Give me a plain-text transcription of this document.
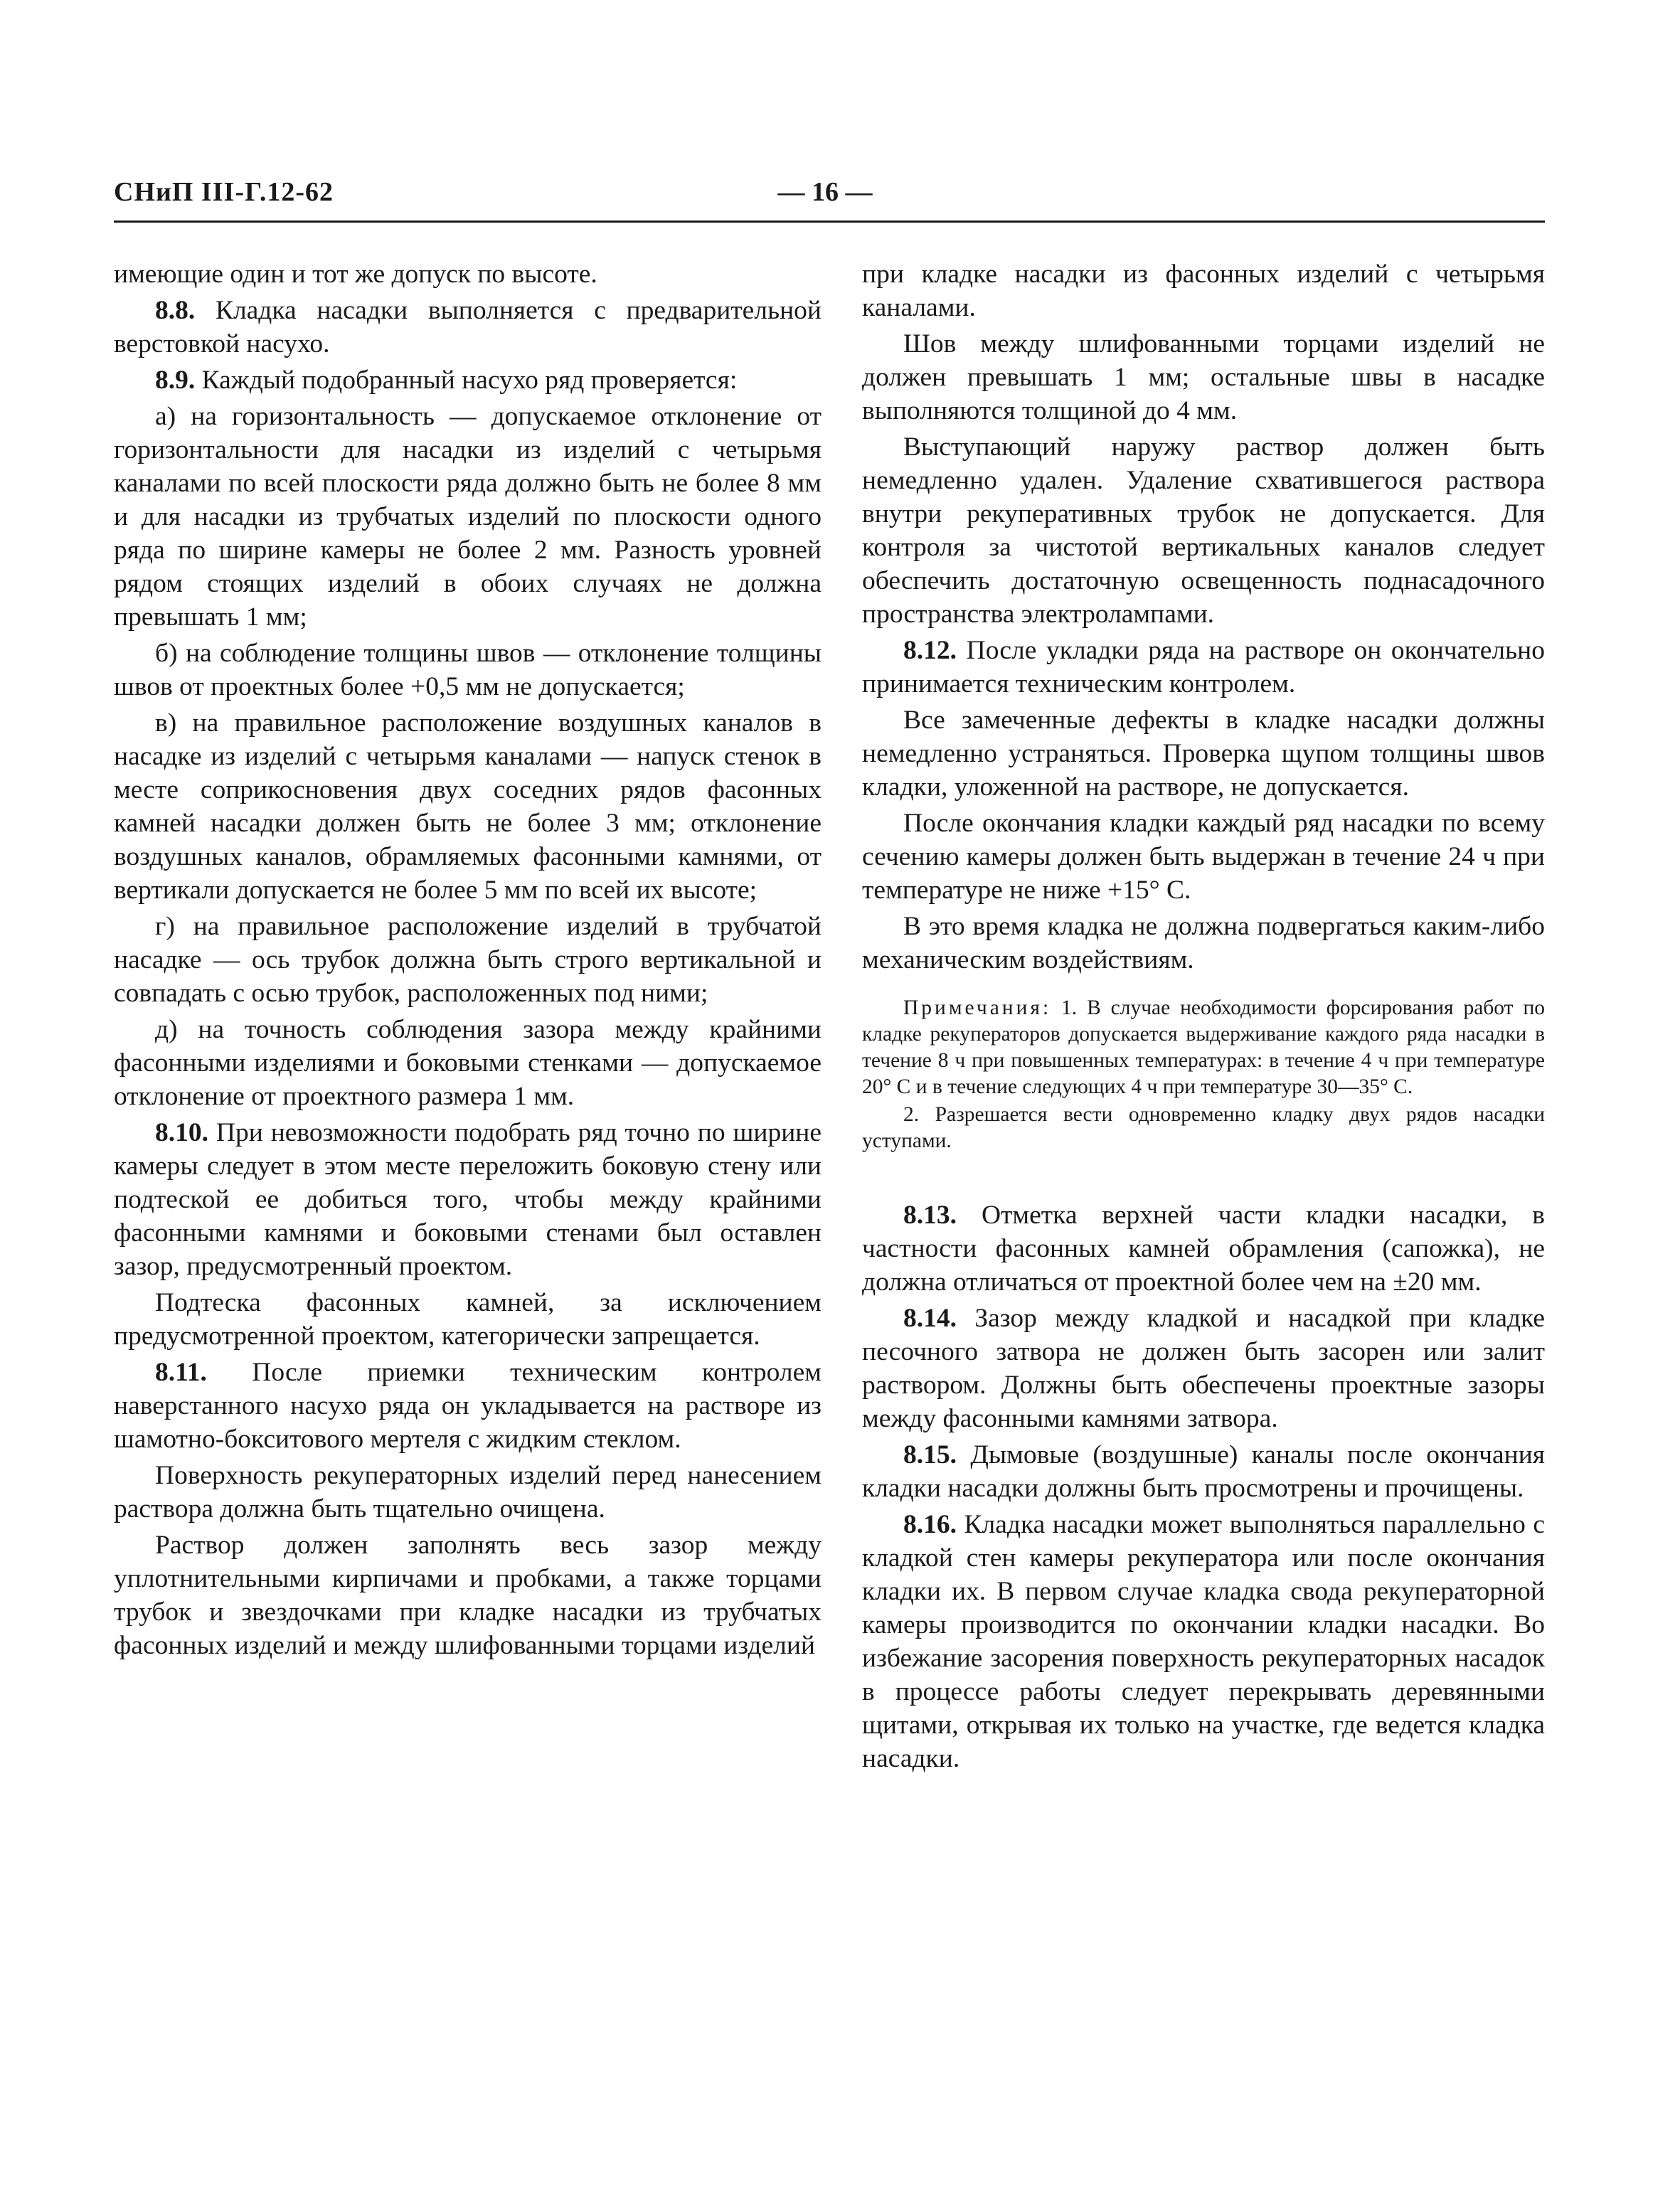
СНиП III-Г.12-62	— 16 —

имеющие один и тот же допуск по высоте.

8.8. Кладка насадки выполняется с предварительной верстовкой насухо.

8.9. Каждый подобранный насухо ряд проверяется:

а) на горизонтальность — допускаемое отклонение от горизонтальности для насадки из изделий с четырьмя каналами по всей плоскости ряда должно быть не более 8 мм и для насадки из трубчатых изделий по плоскости одного ряда по ширине камеры не более 2 мм. Разность уровней рядом стоящих изделий в обоих случаях не должна превышать 1 мм;

б) на соблюдение толщины швов — отклонение толщины швов от проектных более +0,5 мм не допускается;

в) на правильное расположение воздушных каналов в насадке из изделий с четырьмя каналами — напуск стенок в месте соприкосновения двух соседних рядов фасонных камней насадки должен быть не более 3 мм; отклонение воздушных каналов, обрамляемых фасонными камнями, от вертикали допускается не более 5 мм по всей их высоте;

г) на правильное расположение изделий в трубчатой насадке — ось трубок должна быть строго вертикальной и совпадать с осью трубок, расположенных под ними;

д) на точность соблюдения зазора между крайними фасонными изделиями и боковыми стенками — допускаемое отклонение от проектного размера 1 мм.

8.10. При невозможности подобрать ряд точно по ширине камеры следует в этом месте переложить боковую стену или подтеской ее добиться того, чтобы между крайними фасонными камнями и боковыми стенами был оставлен зазор, предусмотренный проектом.

Подтеска фасонных камней, за исключением предусмотренной проектом, категорически запрещается.

8.11. После приемки техническим контролем наверстанного насухо ряда он укладывается на растворе из шамотно-бокситового мертеля с жидким стеклом.

Поверхность рекуператорных изделий перед нанесением раствора должна быть тщательно очищена.

Раствор должен заполнять весь зазор между уплотнительными кирпичами и пробками, а также торцами трубок и звездочками при кладке насадки из трубчатых фасонных изделий и между шлифованными торцами изделий

при кладке насадки из фасонных изделий с четырьмя каналами.

Шов между шлифованными торцами изделий не должен превышать 1 мм; остальные швы в насадке выполняются толщиной до 4 мм.

Выступающий наружу раствор должен быть немедленно удален. Удаление схватившегося раствора внутри рекуперативных трубок не допускается. Для контроля за чистотой вертикальных каналов следует обеспечить достаточную освещенность поднасадочного пространства электролампами.

8.12. После укладки ряда на растворе он окончательно принимается техническим контролем.

Все замеченные дефекты в кладке насадки должны немедленно устраняться. Проверка щупом толщины швов кладки, уложенной на растворе, не допускается.

После окончания кладки каждый ряд насадки по всему сечению камеры должен быть выдержан в течение 24 ч при температуре не ниже +15° С.

В это время кладка не должна подвергаться каким-либо механическим воздействиям.

Примечания: 1. В случае необходимости форсирования работ по кладке рекуператоров допускается выдерживание каждого ряда насадки в течение 8 ч при повышенных температурах: в течение 4 ч при температуре 20° С и в течение следующих 4 ч при температуре 30—35° С.

2. Разрешается вести одновременно кладку двух рядов насадки уступами.

8.13. Отметка верхней части кладки насадки, в частности фасонных камней обрамления (сапожка), не должна отличаться от проектной более чем на ±20 мм.

8.14. Зазор между кладкой и насадкой при кладке песочного затвора не должен быть засорен или залит раствором. Должны быть обеспечены проектные зазоры между фасонными камнями затвора.

8.15. Дымовые (воздушные) каналы после окончания кладки насадки должны быть просмотрены и прочищены.

8.16. Кладка насадки может выполняться параллельно с кладкой стен камеры рекуператора или после окончания кладки их. В первом случае кладка свода рекуператорной камеры производится по окончании кладки насадки. Во избежание засорения поверхность рекуператорных насадок в процессе работы следует перекрывать деревянными щитами, открывая их только на участке, где ведется кладка насадки.
